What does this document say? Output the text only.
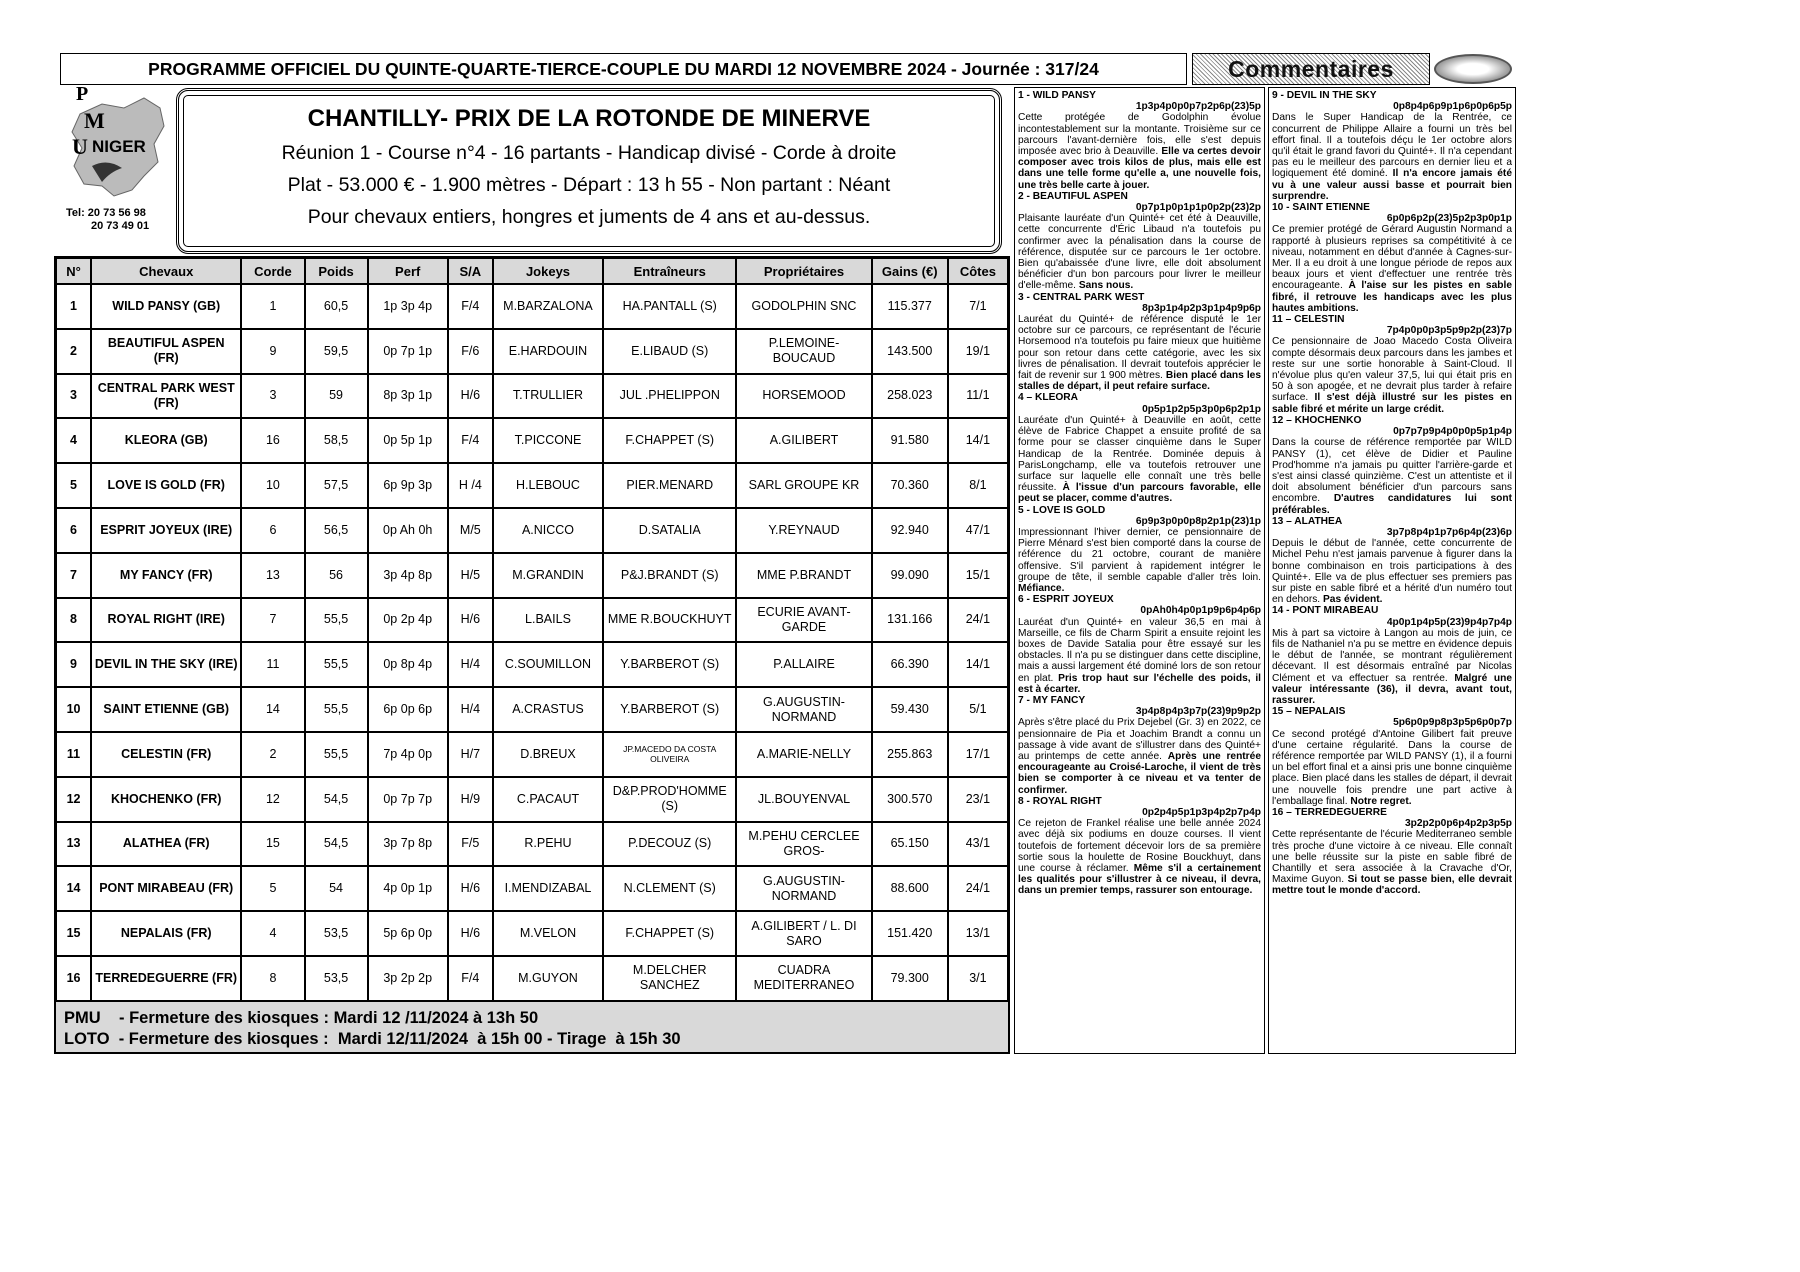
PROGRAMME OFFICIEL DU QUINTE-QUARTE-TIERCE-COUPLE DU MARDI 12 NOVEMBRE 2024 - Journée : 317/24	Commentaires
P
M
U NIGER
Tel: 20 73 56 98
20 73 49 01
CHANTILLY- PRIX DE LA ROTONDE DE MINERVE
Réunion 1 - Course n°4 - 16 partants - Handicap divisé - Corde à droite
Plat - 53.000 € - 1.900 mètres - Départ : 13 h 55 - Non partant : Néant
Pour chevaux entiers, hongres et juments de 4 ans et au-dessus.
N°	Chevaux	Corde	Poids	Perf	S/A	Jokeys	Entraîneurs	Propriétaires	Gains (€)	Côtes
1	WILD PANSY (GB)	1	60,5	1p 3p 4p	F/4	M.BARZALONA	HA.PANTALL (S)	GODOLPHIN SNC	115.377	7/1
2	BEAUTIFUL ASPEN (FR)	9	59,5	0p 7p 1p	F/6	E.HARDOUIN	E.LIBAUD (S)	P.LEMOINE-BOUCAUD	143.500	19/1
3	CENTRAL PARK WEST (FR)	3	59	8p 3p 1p	H/6	T.TRULLIER	JUL .PHELIPPON	HORSEMOOD	258.023	11/1
4	KLEORA (GB)	16	58,5	0p 5p 1p	F/4	T.PICCONE	F.CHAPPET (S)	A.GILIBERT	91.580	14/1
5	LOVE IS GOLD (FR)	10	57,5	6p 9p 3p	H /4	H.LEBOUC	PIER.MENARD	SARL GROUPE KR	70.360	8/1
6	ESPRIT JOYEUX (IRE)	6	56,5	0p Ah 0h	M/5	A.NICCO	D.SATALIA	Y.REYNAUD	92.940	47/1
7	MY FANCY (FR)	13	56	3p 4p 8p	H/5	M.GRANDIN	P&J.BRANDT (S)	MME P.BRANDT	99.090	15/1
8	ROYAL RIGHT (IRE)	7	55,5	0p 2p 4p	H/6	L.BAILS	MME R.BOUCKHUYT	ECURIE AVANT-GARDE	131.166	24/1
9	DEVIL IN THE SKY (IRE)	11	55,5	0p 8p 4p	H/4	C.SOUMILLON	Y.BARBEROT (S)	P.ALLAIRE	66.390	14/1
10	SAINT ETIENNE (GB)	14	55,5	6p 0p 6p	H/4	A.CRASTUS	Y.BARBEROT (S)	G.AUGUSTIN-NORMAND	59.430	5/1
11	CELESTIN (FR)	2	55,5	7p 4p 0p	H/7	D.BREUX	JP.MACEDO DA COSTA OLIVEIRA	A.MARIE-NELLY	255.863	17/1
12	KHOCHENKO (FR)	12	54,5	0p 7p 7p	H/9	C.PACAUT	D&P.PROD'HOMME (S)	JL.BOUYENVAL	300.570	23/1
13	ALATHEA (FR)	15	54,5	3p 7p 8p	F/5	R.PEHU	P.DECOUZ (S)	M.PEHU CERCLEE GROS-	65.150	43/1
14	PONT MIRABEAU (FR)	5	54	4p 0p 1p	H/6	I.MENDIZABAL	N.CLEMENT (S)	G.AUGUSTIN-NORMAND	88.600	24/1
15	NEPALAIS (FR)	4	53,5	5p 6p 0p	H/6	M.VELON	F.CHAPPET (S)	A.GILIBERT / L. DI SARO	151.420	13/1
16	TERREDEGUERRE (FR)	8	53,5	3p 2p 2p	F/4	M.GUYON	M.DELCHER SANCHEZ	CUADRA MEDITERRANEO	79.300	3/1
PMU    - Fermeture des kiosques : Mardi 12 /11/2024 à 13h 50
LOTO  - Fermeture des kiosques :  Mardi 12/11/2024  à 15h 00 - Tirage  à 15h 30
1 - WILD PANSY
1p3p4p0p0p7p2p6p(23)5p

Cette protégée de Godolphin évolue incontestablement sur la montante. Troisième sur ce parcours l'avant-dernière fois, elle s'est depuis imposée avec brio à Deauville. Elle va certes devoir composer avec trois kilos de plus, mais elle est dans une telle forme qu'elle a, une nouvelle fois, une très belle carte à jouer.

2 - BEAUTIFUL ASPEN
0p7p1p0p1p1p0p2p(23)2p

Plaisante lauréate d'un Quinté+ cet été à Deauville, cette concurrente d'Éric Libaud n'a toutefois pu confirmer avec la pénalisation dans la course de référence, disputée sur ce parcours le 1er octobre. Bien qu'abaissée d'une livre, elle doit absolument bénéficier d'un bon parcours pour livrer le meilleur d'elle-même. Sans nous.

3 - CENTRAL PARK WEST
8p3p1p4p2p3p1p4p9p6p

Lauréat du Quinté+ de référence disputé le 1er octobre sur ce parcours, ce représentant de l'écurie Horsemood n'a toutefois pu faire mieux que huitième pour son retour dans cette catégorie, avec les six livres de pénalisation. Il devrait toutefois apprécier le fait de revenir sur 1 900 mètres. Bien placé dans les stalles de départ, il peut refaire surface.

4 – KLEORA
0p5p1p2p5p3p0p6p2p1p

Lauréate d'un Quinté+ à Deauville en août, cette élève de Fabrice Chappet a ensuite profité de sa forme pour se classer cinquième dans le Super Handicap de la Rentrée. Dominée depuis à ParisLongchamp, elle va toutefois retrouver une surface sur laquelle elle connaît une très belle réussite. À l'issue d'un parcours favorable, elle peut se placer, comme d'autres.

5 - LOVE IS GOLD
6p9p3p0p0p8p2p1p(23)1p

Impressionnant l'hiver dernier, ce pensionnaire de Pierre Ménard s'est bien comporté dans la course de référence du 21 octobre, courant de manière offensive. S'il parvient à rapidement intégrer le groupe de tête, il semble capable d'aller très loin. Méfiance.

6 - ESPRIT JOYEUX
0pAh0h4p0p1p9p6p4p6p

Lauréat d'un Quinté+ en valeur 36,5 en mai à Marseille, ce fils de Charm Spirit a ensuite rejoint les boxes de Davide Satalia pour être essayé sur les obstacles. Il n'a pu se distinguer dans cette discipline, mais a aussi largement été dominé lors de son retour en plat. Pris trop haut sur l'échelle des poids, il est à écarter.

7 - MY FANCY
3p4p8p4p3p7p(23)9p9p2p

Après s'être placé du Prix Dejebel (Gr. 3) en 2022, ce pensionnaire de Pia et Joachim Brandt a connu un passage à vide avant de s'illustrer dans des Quinté+ au printemps de cette année. Après une rentrée encourageante au Croisé-Laroche, il vient de très bien se comporter à ce niveau et va tenter de confirmer.

8 - ROYAL RIGHT
0p2p4p5p1p3p4p2p7p4p

Ce rejeton de Frankel réalise une belle année 2024 avec déjà six podiums en douze courses. Il vient toutefois de fortement décevoir lors de sa première sortie sous la houlette de Rosine Bouckhuyt, dans une course à réclamer. Même s'il a certainement les qualités pour s'illustrer à ce niveau, il devra, dans un premier temps, rassurer son entourage.

9 - DEVIL IN THE SKY
0p8p4p6p9p1p6p0p6p5p

Dans le Super Handicap de la Rentrée, ce concurrent de Philippe Allaire a fourni un très bel effort final. Il a toutefois déçu le 1er octobre alors qu'il était le grand favori du Quinté+. Il n'a cependant pas eu le meilleur des parcours en dernier lieu et a logiquement été dominé. Il n'a encore jamais été vu à une valeur aussi basse et pourrait bien surprendre.

10 - SAINT ETIENNE
6p0p6p2p(23)5p2p3p0p1p

Ce premier protégé de Gérard Augustin Normand a rapporté à plusieurs reprises sa compétitivité à ce niveau, notamment en début d'année à Cagnes-sur-Mer. Il a eu droit à une longue période de repos aux beaux jours et vient d'effectuer une rentrée très encourageante. À l'aise sur les pistes en sable fibré, il retrouve les handicaps avec les plus hautes ambitions.

11 – CELESTIN
7p4p0p0p3p5p9p2p(23)7p

Ce pensionnaire de Joao Macedo Costa Oliveira compte désormais deux parcours dans les jambes et reste sur une sortie honorable à Saint-Cloud. Il n'évolue plus qu'en valeur 37,5, lui qui était pris en 50 à son apogée, et ne devrait plus tarder à refaire surface. Il s'est déjà illustré sur les pistes en sable fibré et mérite un large crédit.

12 – KHOCHENKO
0p7p7p9p4p0p0p5p1p4p

Dans la course de référence remportée par WILD PANSY (1), cet élève de Didier et Pauline Prod'homme n'a jamais pu quitter l'arrière-garde et s'est ainsi classé quinzième. C'est un attentiste et il doit absolument bénéficier d'un parcours sans encombre. D'autres candidatures lui sont préférables.

13 – ALATHEA
3p7p8p4p1p7p6p4p(23)6p

Depuis le début de l'année, cette concurrente de Michel Pehu n'est jamais parvenue à figurer dans la bonne combinaison en trois participations à des Quinté+. Elle va de plus effectuer ses premiers pas sur piste en sable fibré et a hérité d'un numéro tout en dehors. Pas évident.

14 - PONT MIRABEAU
4p0p1p4p5p(23)9p4p7p4p

Mis à part sa victoire à Langon au mois de juin, ce fils de Nathaniel n'a pu se mettre en évidence depuis le début de l'année, se montrant régulièrement décevant. Il est désormais entraîné par Nicolas Clément et va effectuer sa rentrée. Malgré une valeur intéressante (36), il devra, avant tout, rassurer.

15 – NEPALAIS
5p6p0p9p8p3p5p6p0p7p

Ce second protégé d'Antoine Gilibert fait preuve d'une certaine régularité. Dans la course de référence remportée par WILD PANSY (1), il a fourni un bel effort final et a ainsi pris une bonne cinquième place. Bien placé dans les stalles de départ, il devrait une nouvelle fois prendre une part active à l'emballage final. Notre regret.

16 – TERREDEGUERRE
3p2p2p0p6p4p2p3p5p

Cette représentante de l'écurie Mediterraneo semble très proche d'une victoire à ce niveau. Elle connaît une belle réussite sur la piste en sable fibré de Chantilly et sera associée à la Cravache d'Or, Maxime Guyon. Si tout se passe bien, elle devrait mettre tout le monde d'accord.
